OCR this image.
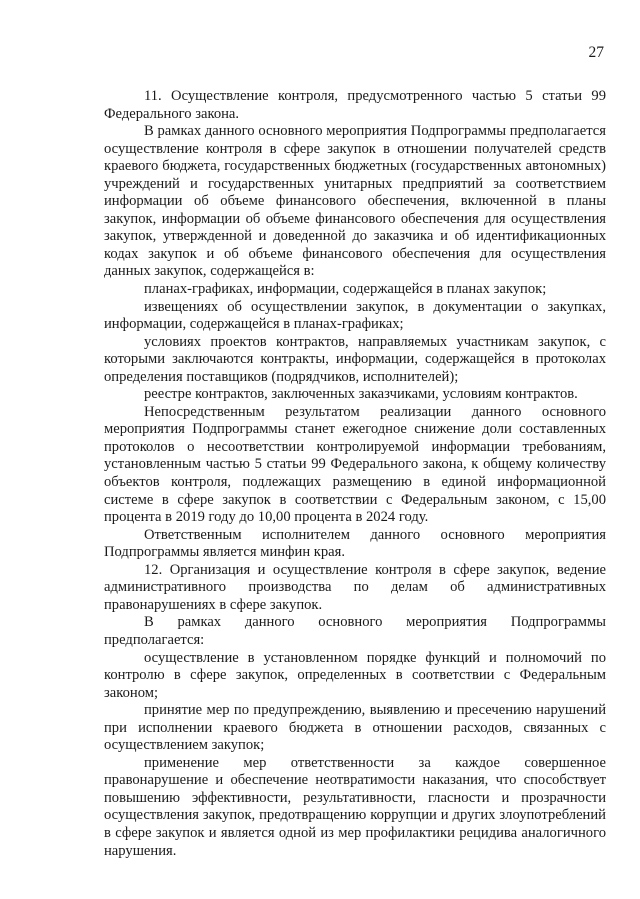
27

11. Осуществление контроля, предусмотренного частью 5 статьи 99 Федерального закона.

В рамках данного основного мероприятия Подпрограммы предполагается осуществление контроля в сфере закупок в отношении получателей средств краевого бюджета, государственных бюджетных (государственных автономных) учреждений и государственных унитарных предприятий за соответствием информации об объеме финансового обеспечения, включенной в планы закупок, информации об объеме финансового обеспечения для осуществления закупок, утвержденной и доведенной до заказчика и об идентификационных кодах закупок и об объеме финансового обеспечения для осуществления данных закупок, содержащейся в:

планах-графиках, информации, содержащейся в планах закупок;

извещениях об осуществлении закупок, в документации о закупках, информации, содержащейся в планах-графиках;

условиях проектов контрактов, направляемых участникам закупок, с которыми заключаются контракты, информации, содержащейся в протоколах определения поставщиков (подрядчиков, исполнителей);

реестре контрактов, заключенных заказчиками, условиям контрактов.

Непосредственным результатом реализации данного основного мероприятия Подпрограммы станет ежегодное снижение доли составленных протоколов о несоответствии контролируемой информации требованиям, установленным частью 5 статьи 99 Федерального закона, к общему количеству объектов контроля, подлежащих размещению в единой информационной системе в сфере закупок в соответствии с Федеральным законом, с 15,00 процента в 2019 году до 10,00 процента в 2024 году.

Ответственным исполнителем данного основного мероприятия Подпрограммы является минфин края.

12. Организация и осуществление контроля в сфере закупок, ведение административного производства по делам об административных правонарушениях в сфере закупок.

В рамках данного основного мероприятия Подпрограммы предполагается:

осуществление в установленном порядке функций и полномочий по контролю в сфере закупок, определенных в соответствии с Федеральным законом;

принятие мер по предупреждению, выявлению и пресечению нарушений при исполнении краевого бюджета в отношении расходов, связанных с осуществлением закупок;

применение мер ответственности за каждое совершенное правонарушение и обеспечение неотвратимости наказания, что способствует повышению эффективности, результативности, гласности и прозрачности осуществления закупок, предотвращению коррупции и других злоупотреблений в сфере закупок и является одной из мер профилактики рецидива аналогичного нарушения.
